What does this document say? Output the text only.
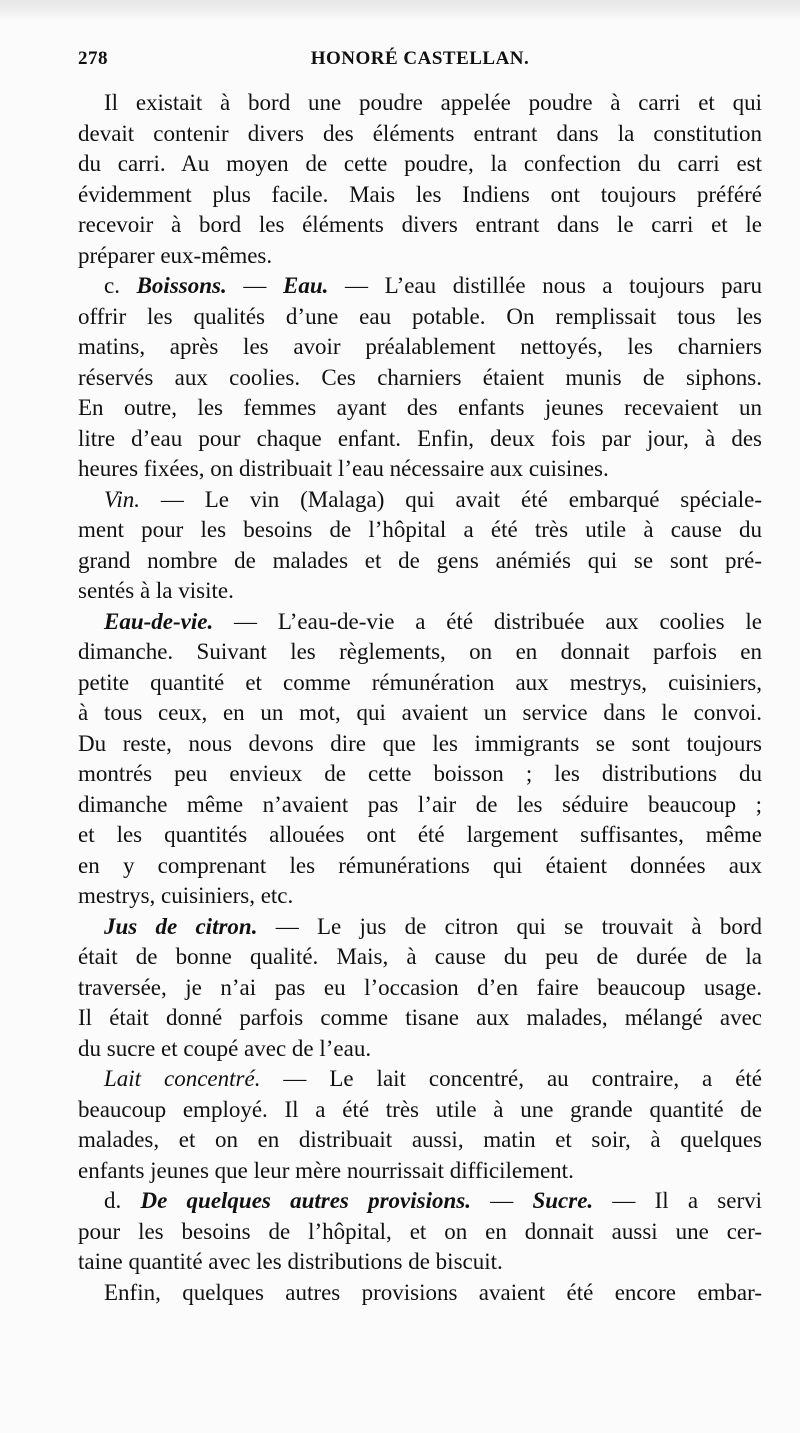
278	HONORÉ CASTELLAN.
Il existait à bord une poudre appelée poudre à carri et qui
devait contenir divers des éléments entrant dans la constitution
du carri. Au moyen de cette poudre, la confection du carri est
évidemment plus facile. Mais les Indiens ont toujours préféré
recevoir à bord les éléments divers entrant dans le carri et le
préparer eux-mêmes.
c. Boissons. — Eau. — L’eau distillée nous a toujours paru
offrir les qualités d’une eau potable. On remplissait tous les
matins, après les avoir préalablement nettoyés, les charniers
réservés aux coolies. Ces charniers étaient munis de siphons.
En outre, les femmes ayant des enfants jeunes recevaient un
litre d’eau pour chaque enfant. Enfin, deux fois par jour, à des
heures fixées, on distribuait l’eau nécessaire aux cuisines.
Vin. — Le vin (Malaga) qui avait été embarqué spéciale-
ment pour les besoins de l’hôpital a été très utile à cause du
grand nombre de malades et de gens anémiés qui se sont pré-
sentés à la visite.
Eau-de-vie. — L’eau-de-vie a été distribuée aux coolies le
dimanche. Suivant les règlements, on en donnait parfois en
petite quantité et comme rémunération aux mestrys, cuisiniers,
à tous ceux, en un mot, qui avaient un service dans le convoi.
Du reste, nous devons dire que les immigrants se sont toujours
montrés peu envieux de cette boisson ; les distributions du
dimanche même n’avaient pas l’air de les séduire beaucoup ;
et les quantités allouées ont été largement suffisantes, même
en y comprenant les rémunérations qui étaient données aux
mestrys, cuisiniers, etc.
Jus de citron. — Le jus de citron qui se trouvait à bord
était de bonne qualité. Mais, à cause du peu de durée de la
traversée, je n’ai pas eu l’occasion d’en faire beaucoup usage.
Il était donné parfois comme tisane aux malades, mélangé avec
du sucre et coupé avec de l’eau.
Lait concentré. — Le lait concentré, au contraire, a été
beaucoup employé. Il a été très utile à une grande quantité de
malades, et on en distribuait aussi, matin et soir, à quelques
enfants jeunes que leur mère nourrissait difficilement.
d. De quelques autres provisions. — Sucre. — Il a servi
pour les besoins de l’hôpital, et on en donnait aussi une cer-
taine quantité avec les distributions de biscuit.
Enfin, quelques autres provisions avaient été encore embar-
